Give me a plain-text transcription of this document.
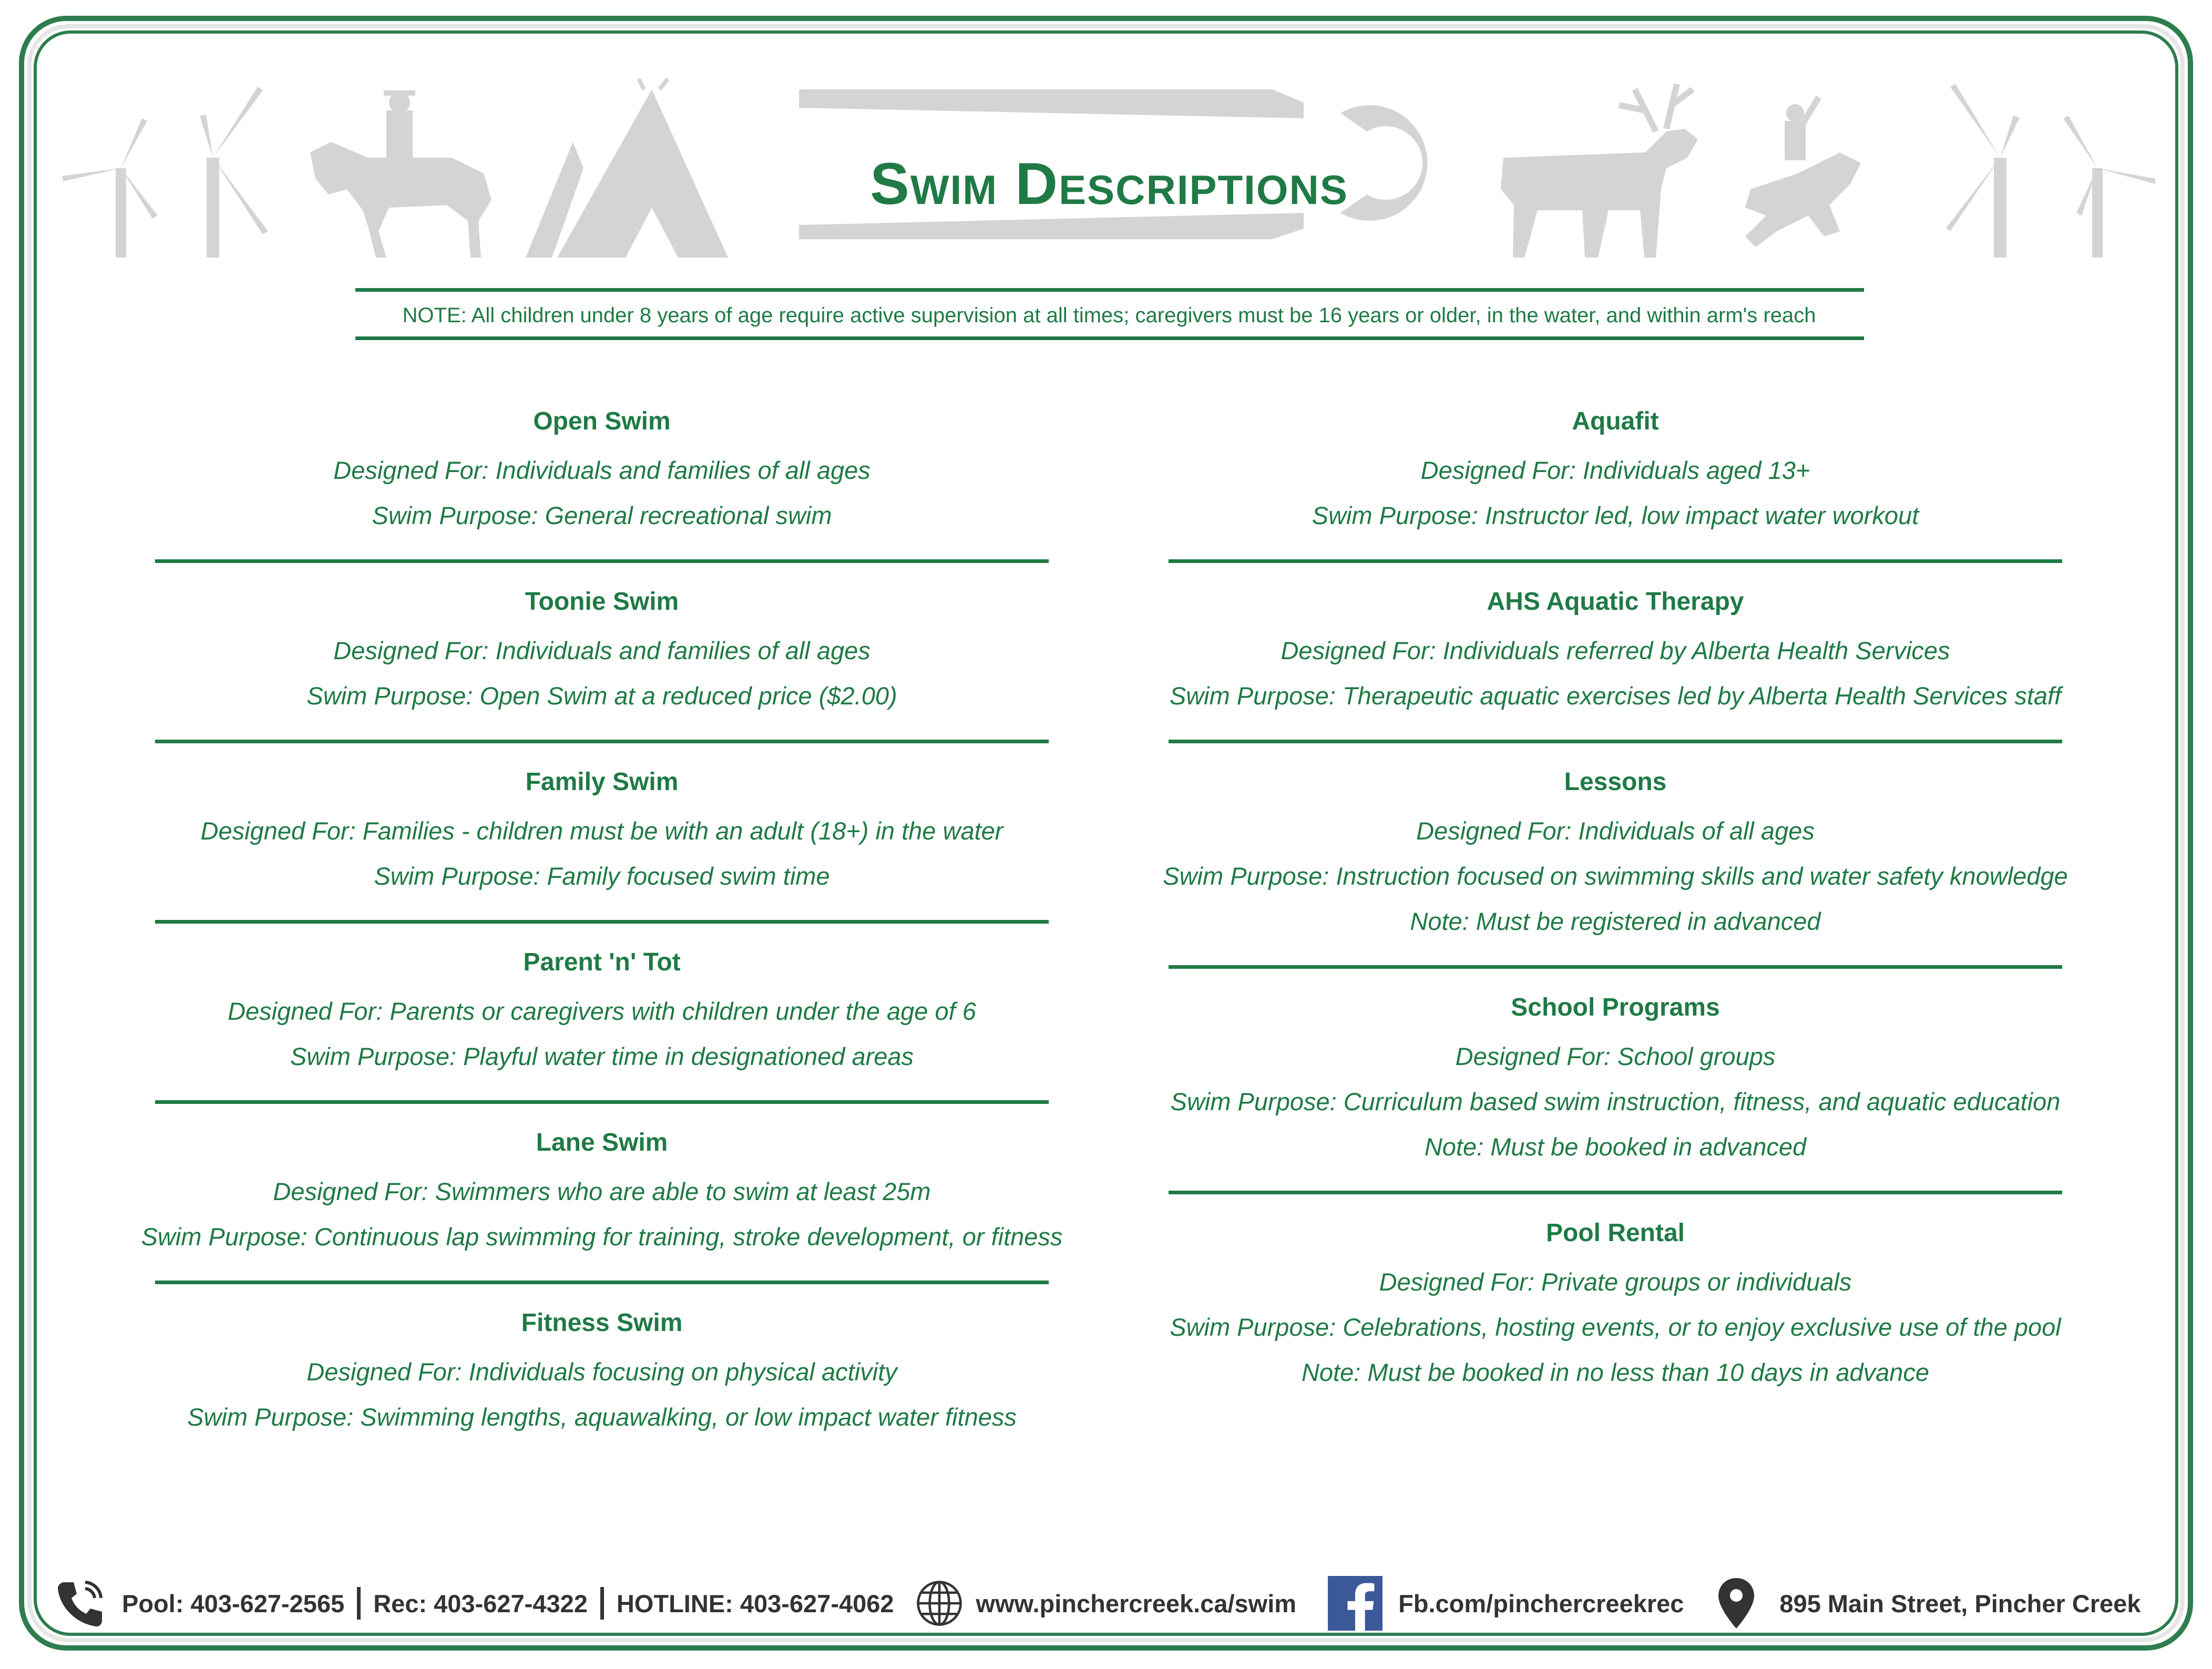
Swim Descriptions
NOTE: All children under 8 years of age require active supervision at all times; caregivers must be 16 years or older, in the water, and within arm's reach

Open Swim

Designed For: Individuals and families of all ages

Swim Purpose: General recreational swim

Toonie Swim

Designed For: Individuals and families of all ages

Swim Purpose: Open Swim at a reduced price ($2.00)

Family Swim

Designed For: Families - children must be with an adult (18+) in the water

Swim Purpose: Family focused swim time

Parent 'n' Tot

Designed For: Parents or caregivers with children under the age of 6

Swim Purpose: Playful water time in designationed areas

Lane Swim

Designed For: Swimmers who are able to swim at least 25m

Swim Purpose: Continuous lap swimming for training, stroke development, or fitness

Fitness Swim

Designed For: Individuals focusing on physical activity

Swim Purpose: Swimming lengths, aquawalking, or low impact water fitness

Aquafit

Designed For: Individuals aged 13+

Swim Purpose: Instructor led, low impact water workout

AHS Aquatic Therapy

Designed For: Individuals referred by Alberta Health Services

Swim Purpose: Therapeutic aquatic exercises led by Alberta Health Services staff

Lessons

Designed For: Individuals of all ages

Swim Purpose: Instruction focused on swimming skills and water safety knowledge

Note: Must be registered in advanced

School Programs

Designed For: School groups

Swim Purpose: Curriculum based swim instruction, fitness, and aquatic education

Note: Must be booked in advanced

Pool Rental

Designed For: Private groups or individuals

Swim Purpose: Celebrations, hosting events, or to enjoy exclusive use of the pool

Note: Must be booked in no less than 10 days in advance

Pool: 403-627-2565 Rec: 403-627-4322 HOTLINE: 403-627-4062	www.pinchercreek.ca/swim	Fb.com/pinchercreekrec	895 Main Street, Pincher Creek
